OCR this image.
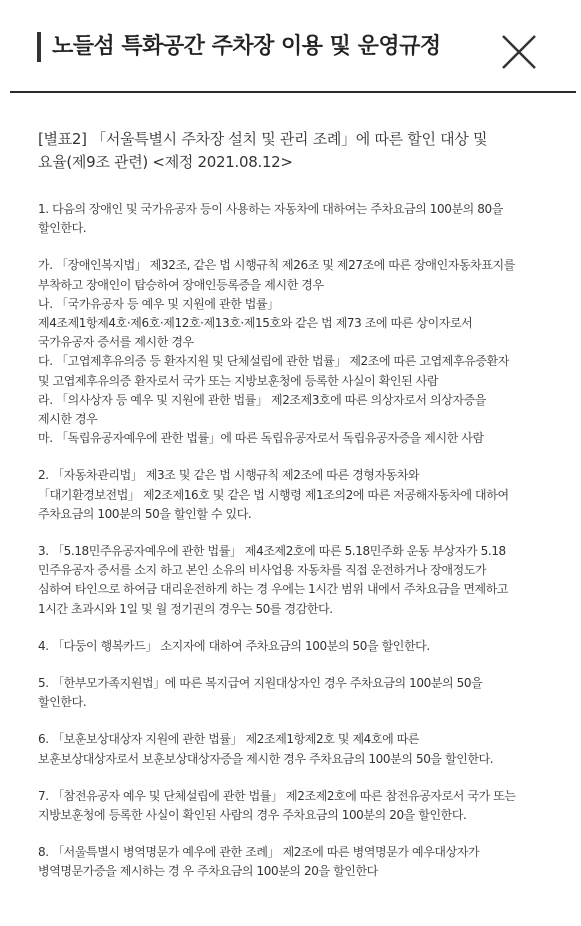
노들섬 특화공간 주차장 이용 및 운영규정
[별표2] 「서울특별시 주차장 설치 및 관리 조례」에 따른 할인 대상 및
요율(제9조 관련) <제정 2021.08.12>

1. 다음의 장애인 및 국가유공자 등이 사용하는 자동차에 대하여는 주차요금의 100분의 80을
할인한다.

가. 「장애인복지법」 제32조, 같은 법 시행규칙 제26조 및 제27조에 따른 장애인자동차표지를
부착하고 장애인이 탑승하여 장애인등록증을 제시한 경우
나. 「국가유공자 등 예우 및 지원에 관한 법률」
제4조제1항제4호·제6호·제12호·제13호·제15호와 같은 법 제73 조에 따른 상이자로서
국가유공자 증서를 제시한 경우
다. 「고엽제후유의증 등 환자지원 및 단체설립에 관한 법률」 제2조에 따른 고엽제후유증환자
및 고엽제후유의증 환자로서 국가 또는 지방보훈청에 등록한 사실이 확인된 사람
라. 「의사상자 등 예우 및 지원에 관한 법률」 제2조제3호에 따른 의상자로서 의상자증을
제시한 경우
마. 「독립유공자예우에 관한 법률」에 따른 독립유공자로서 독립유공자증을 제시한 사람

2. 「자동차관리법」 제3조 및 같은 법 시행규칙 제2조에 따른 경형자동차와
「대기환경보전법」 제2조제16호 및 같은 법 시행령 제1조의2에 따른 저공해자동차에 대하여
주차요금의 100분의 50을 할인할 수 있다.

3. 「5.18민주유공자예우에 관한 법률」 제4조제2호에 따른 5.18민주화 운동 부상자가 5.18
민주유공자 증서를 소지 하고 본인 소유의 비사업용 자동차를 직접 운전하거나 장애정도가
심하여 타인으로 하여금 대리운전하게 하는 경 우에는 1시간 범위 내에서 주차요금을 면제하고
1시간 초과시와 1일 및 월 정기권의 경우는 50를 경감한다.

4. 「다둥이 행복카드」 소지자에 대하여 주차요금의 100분의 50을 할인한다.

5. 「한부모가족지원법」에 따른 복지급여 지원대상자인 경우 주차요금의 100분의 50을
할인한다.

6. 「보훈보상대상자 지원에 관한 법률」 제2조제1항제2호 및 제4호에 따른
보훈보상대상자로서 보훈보상대상자증을 제시한 경우 주차요금의 100분의 50을 할인한다.

7. 「참전유공자 예우 및 단체설립에 관한 법률」 제2조제2호에 따른 참전유공자로서 국가 또는
지방보훈청에 등록한 사실이 확인된 사람의 경우 주차요금의 100분의 20을 할인한다.

8. 「서울특별시 병역명문가 예우에 관한 조례」 제2조에 따른 병역명문가 예우대상자가
병역명문가증을 제시하는 경 우 주차요금의 100분의 20을 할인한다
